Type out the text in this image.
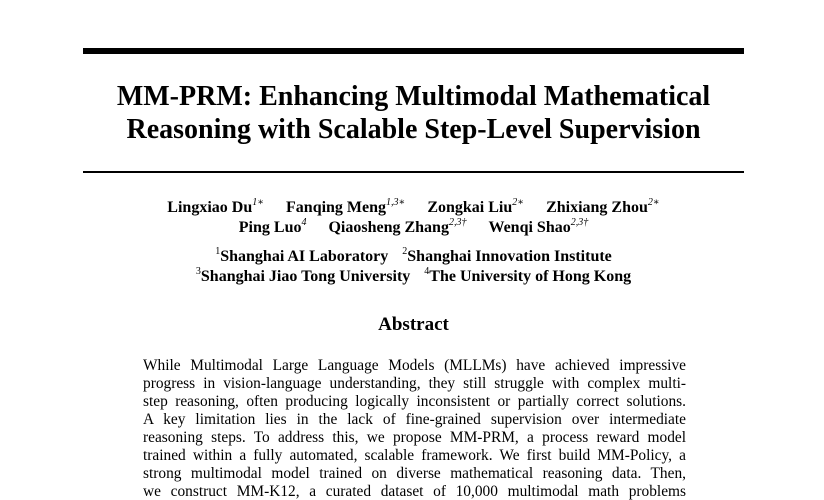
MM-PRM: Enhancing Multimodal Mathematical
Reasoning with Scalable Step-Level Supervision
Lingxiao $Du^{1∗}$ Fanqing Meng$^{1,3∗}$ Zongkai Liu$^{2∗}$ Zhixiang Zhou$^{2∗}$
Ping Luo$^4$ Qiaosheng Zhang$^{2,3\dagger}$ Wenqi Shao$^{2,3\dagger}$
$^1$Shanghai AI Laboratory $^2$Shanghai Innovation Institute
$^3$Shanghai Jiao Tong University $^4$The University of Hong Kong
Abstract
While Multimodal Large Language Models (MLLMs) have achieved impressive
progress in vision-language understanding, they still struggle with complex multi-
step reasoning, often producing logically inconsistent or partially correct solutions.
A key limitation lies in the lack of fine-grained supervision over intermediate
reasoning steps. To address this, we propose MM-PRM, a process reward model
trained within a fully automated, scalable framework. We first build MM-Policy, a
strong multimodal model trained on diverse mathematical reasoning data. Then,
we construct MM-K12, a curated dataset of 10,000 multimodal math problems
